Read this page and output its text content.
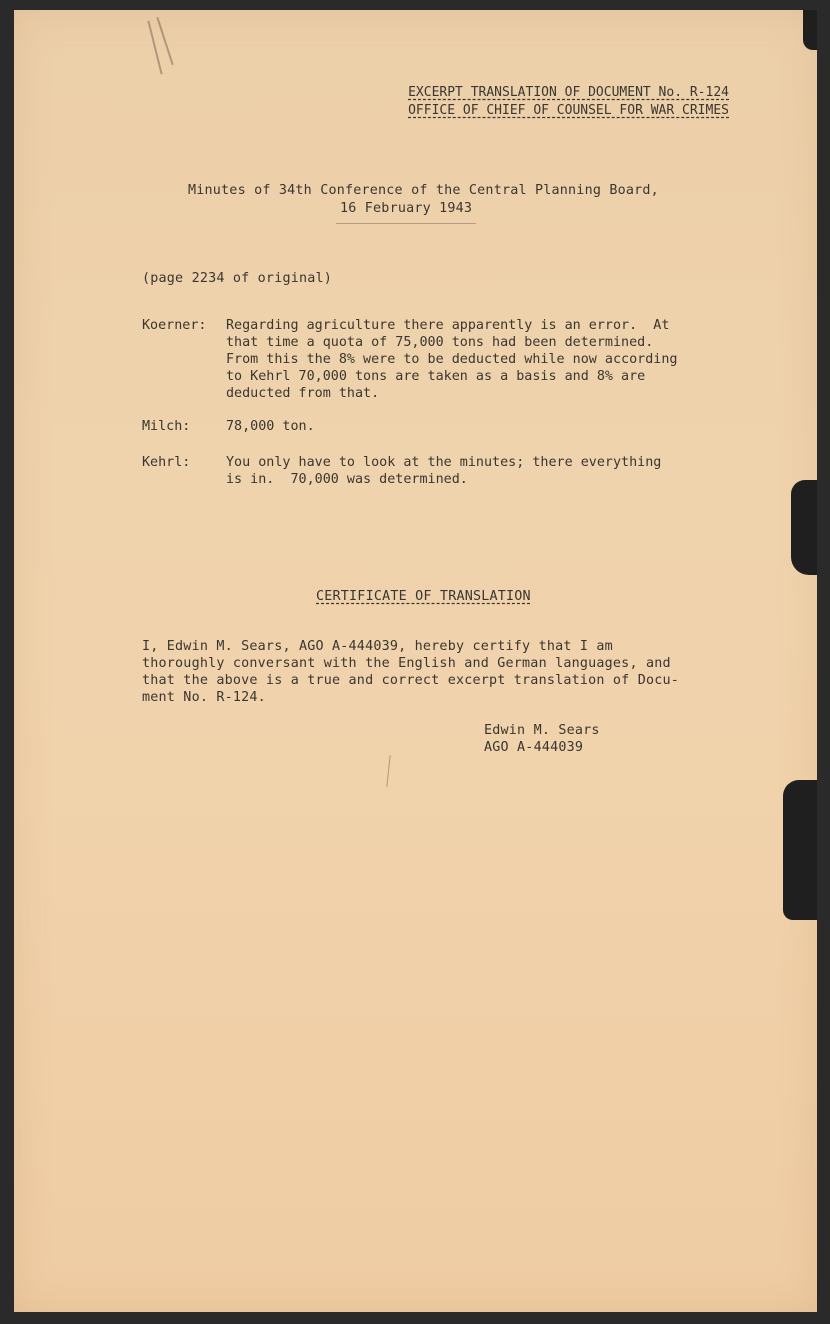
EXCERPT TRANSLATION OF DOCUMENT No. R-124
OFFICE OF CHIEF OF COUNSEL FOR WAR CRIMES
Minutes of 34th Conference of the Central Planning Board,
16 February 1943
(page 2234 of original)
Koerner: Regarding agriculture there apparently is an error.  At
that time a quota of 75,000 tons had been determined.
From this the 8% were to be deducted while now according
to Kehrl 70,000 tons are taken as a basis and 8% are
deducted from that.
Milch:	78,000 ton.
Kehrl:	You only have to look at the minutes; there everything
is in.  70,000 was determined.
CERTIFICATE OF TRANSLATION
I, Edwin M. Sears, AGO A-444039, hereby certify that I am
thoroughly conversant with the English and German languages, and
that the above is a true and correct excerpt translation of Docu-
ment No. R-124.
Edwin M. Sears
AGO A-444039
